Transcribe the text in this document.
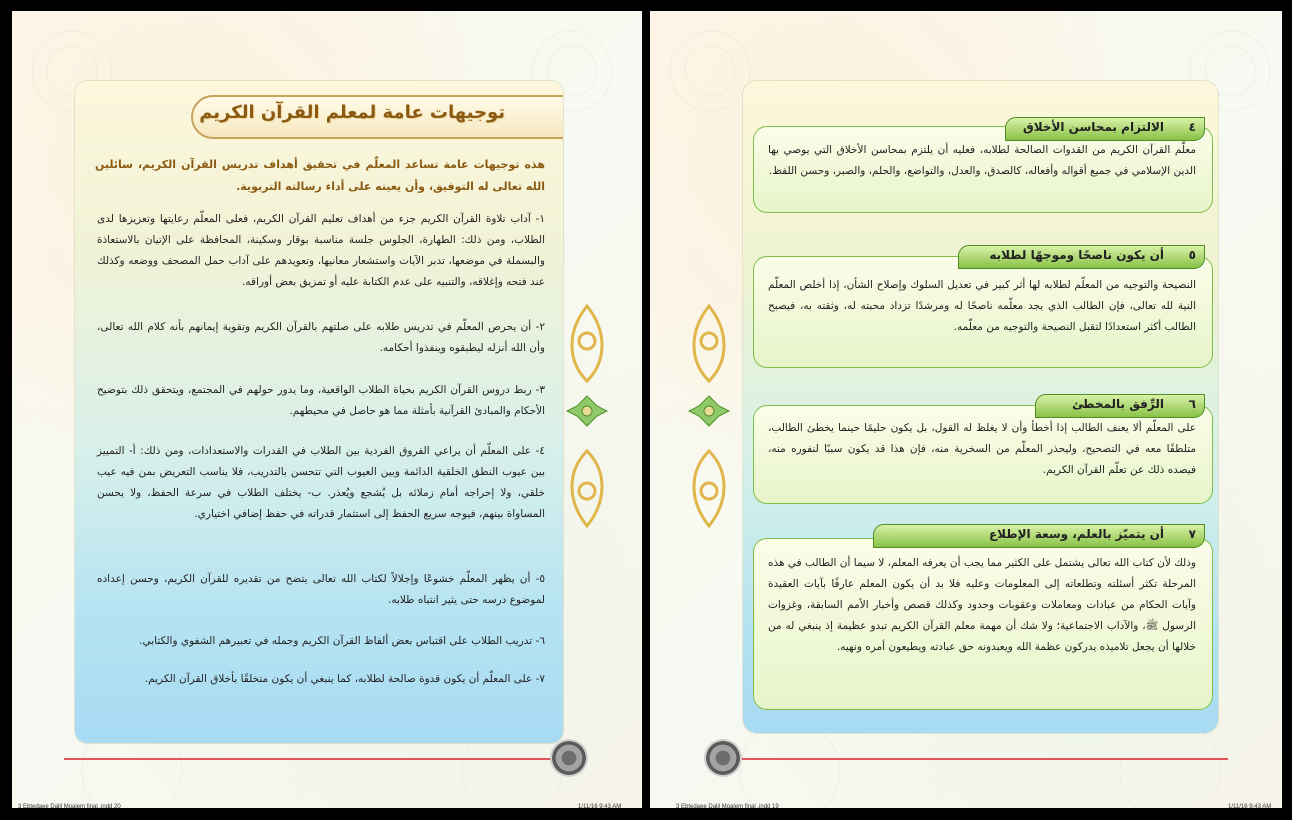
توجيهات عامة لمعلم القرآن الكريم
هذه توجيهات عامة تساعد المعلّم في تحقيق أهداف تدريس القرآن الكريم، سائلين الله تعالى له التوفيق، وأن يعينه على أداء رسالته التربوية.
١- آداب تلاوة القرآن الكريم جزء من أهداف تعليم القرآن الكريم، فعلى المعلّم رعايتها وتعزيزها لدى الطلاب، ومن ذلك: الطهارة، الجلوس جلسة مناسبة بوقار وسكينة، المحافظة على الإتيان بالاستعاذة والبسملة في موضعها، تدبر الآيات واستشعار معانيها، وتعويدهم على آداب حمل المصحف ووضعه وكذلك عند فتحه وإغلاقه، والتنبيه على عدم الكتابة عليه أو تمزيق بعض أوراقه.
٢- أن يحرص المعلّم في تدريس طلابه على صلتهم بالقرآن الكريم وتقوية إيمانهم بأنه كلام الله تعالى، وأن الله أنزله ليطبقوه وينفذوا أحكامه.
٣- ربط دروس القرآن الكريم بحياة الطلاب الواقعية، وما يدور حولهم في المجتمع، ويتحقق ذلك بتوضيح الأحكام والمبادئ القرآنية بأمثلة مما هو حاصل في محيطهم.
٤- على المعلّم أن يراعي الفروق الفردية بين الطلاب في القدرات والاستعدادات، ومن ذلك: أ- التمييز بين عيوب النطق الخلقية الدائمة وبين العيوب التي تتحسن بالتدريب، فلا يناسب التعريض بمن فيه عيب خلقي، ولا إحراجه أمام زملائه بل يُشجع ويُعذر. ب- يختلف الطلاب في سرعة الحفظ، ولا يحسن المساواة بينهم، فيوجه سريع الحفظ إلى استثمار قدراته في حفظ إضافي اختياري.
٥- أن يظهر المعلّم خشوعًا وإجلالاً لكتاب الله تعالى يتضح من تقديره للقرآن الكريم، وحسن إعداده لموضوع درسه حتى يثير انتباه طلابه.
٦- تدريب الطلاب على اقتباس بعض ألفاظ القرآن الكريم وجمله في تعبيرهم الشفوي والكتابي.
٧- على المعلّم أن يكون قدوة صالحة لطلابه، كما ينبغي أن يكون متخلقًا بأخلاق القرآن الكريم.
3 Ebtedaee Dalil Moalem final .indd 20	1/11/16 9:43 AM
معلّم القرآن الكريم من القدوات الصالحة لطلابه، فعليه أن يلتزم بمحاسن الأخلاق التي يوصي بها الدين الإسلامي في جميع أقواله وأفعاله، كالصدق، والعدل، والتواضع، والحلم، والصبر، وحسن اللفظ.
٤
الالتزام بمحاسن الأخلاق
النصيحة والتوجيه من المعلّم لطلابه لها أثر كبير في تعديل السلوك وإصلاح الشأن، إذا أخلص المعلّم النية لله تعالى، فإن الطالب الذي يجد معلّمه ناصحًا له ومرشدًا تزداد محبته له، وثقته به، فيصبح الطالب أكثر استعدادًا لتقبل النصيحة والتوجيه من معلّمه.
٥
أن يكون ناصحًا وموجهًا لطلابه
على المعلّم ألا يعنف الطالب إذا أخطأ وأن لا يغلظ له القول، بل يكون حليمًا حينما يخطئ الطالب، متلطفًا معه في التصحيح، وليحذر المعلّم من السخرية منه، فإن هذا قد يكون سببًا لنفوره منه، فيصده ذلك عن تعلّم القرآن الكريم.
٦
الرِّفق بالمخطئ
وذلك لأن كتاب الله تعالى يشتمل على الكثير مما يجب أن يعرفه المعلم، لا سيما أن الطالب في هذه المرحلة تكثر أسئلته وتطلعاته إلى المعلومات وعليه فلا بد أن يكون المعلم عارفًا بآيات العقيدة وآيات الحكام من عبادات ومعاملات وعقوبات وحدود وكذلك قصص وأخبار الأمم السابقة، وغزوات الرسول ﷺ، والآداب الاجتماعية؛ ولا شك أن مهمة معلم القرآن الكريم تبدو عظيمة إذ ينبغي له من خلالها أن يجعل تلاميذه يدركون عظمة الله ويعبدونه حق عبادته ويطيعون أمره ونهيه.
٧
أن يتميّز بالعلم، وسعة الإطلاع
3 Ebtedaee Dalil Moalem final .indd 19	1/11/16 9:43 AM
